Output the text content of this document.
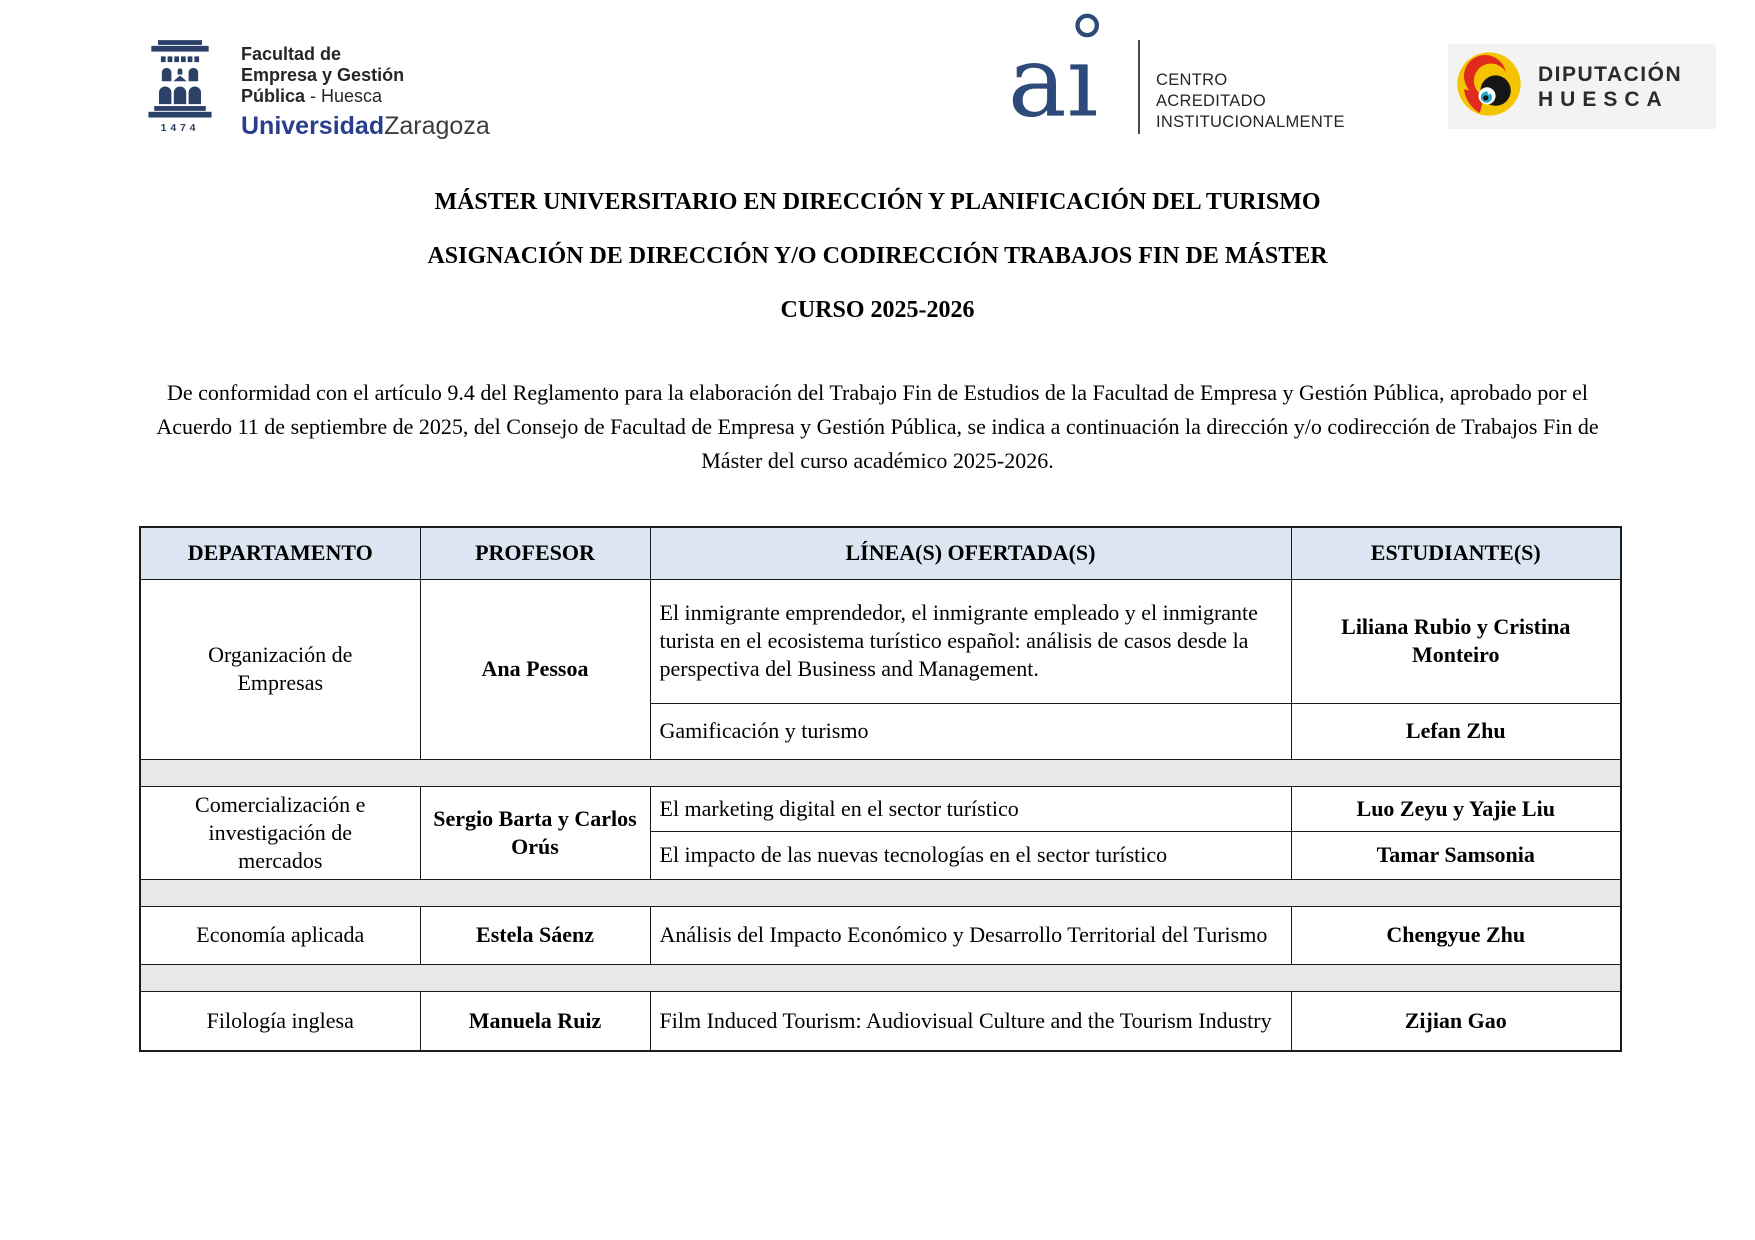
1474
Facultad de
Empresa y Gestión
Pública - Huesca
UniversidadZaragoza	aı	CENTRO
ACREDITADO
INSTITUCIONALMENTE
DIPUTACIÓN
HUESCA
MÁSTER UNIVERSITARIO EN DIRECCIÓN Y PLANIFICACIÓN DEL TURISMO
ASIGNACIÓN DE DIRECCIÓN Y/O CODIRECCIÓN TRABAJOS FIN DE MÁSTER
CURSO 2025-2026

De conformidad con el artículo 9.4 del Reglamento para la elaboración del Trabajo Fin de Estudios de la Facultad de Empresa y Gestión Pública, aprobado por el Acuerdo 11 de septiembre de 2025, del Consejo de Facultad de Empresa y Gestión Pública, se indica a continuación la dirección y/o codirección de Trabajos Fin de Máster del curso académico 2025-2026.

DEPARTAMENTO	PROFESOR	LÍNEA(S) OFERTADA(S)	ESTUDIANTE(S)
Organización de Empresas	Ana Pessoa	El inmigrante emprendedor, el inmigrante empleado y el inmigrante turista en el ecosistema turístico español: análisis de casos desde la perspectiva del Business and Management.	Liliana Rubio y Cristina Monteiro
		Gamificación y turismo	Lefan Zhu

Comercialización e investigación de mercados	Sergio Barta y Carlos Orús	El marketing digital en el sector turístico	Luo Zeyu y Yajie Liu
		El impacto de las nuevas tecnologías en el sector turístico	Tamar Samsonia

Economía aplicada	Estela Sáenz	Análisis del Impacto Económico y Desarrollo Territorial del Turismo	Chengyue Zhu

Filología inglesa	Manuela Ruiz	Film Induced Tourism: Audiovisual Culture and the Tourism Industry	Zijian Gao
